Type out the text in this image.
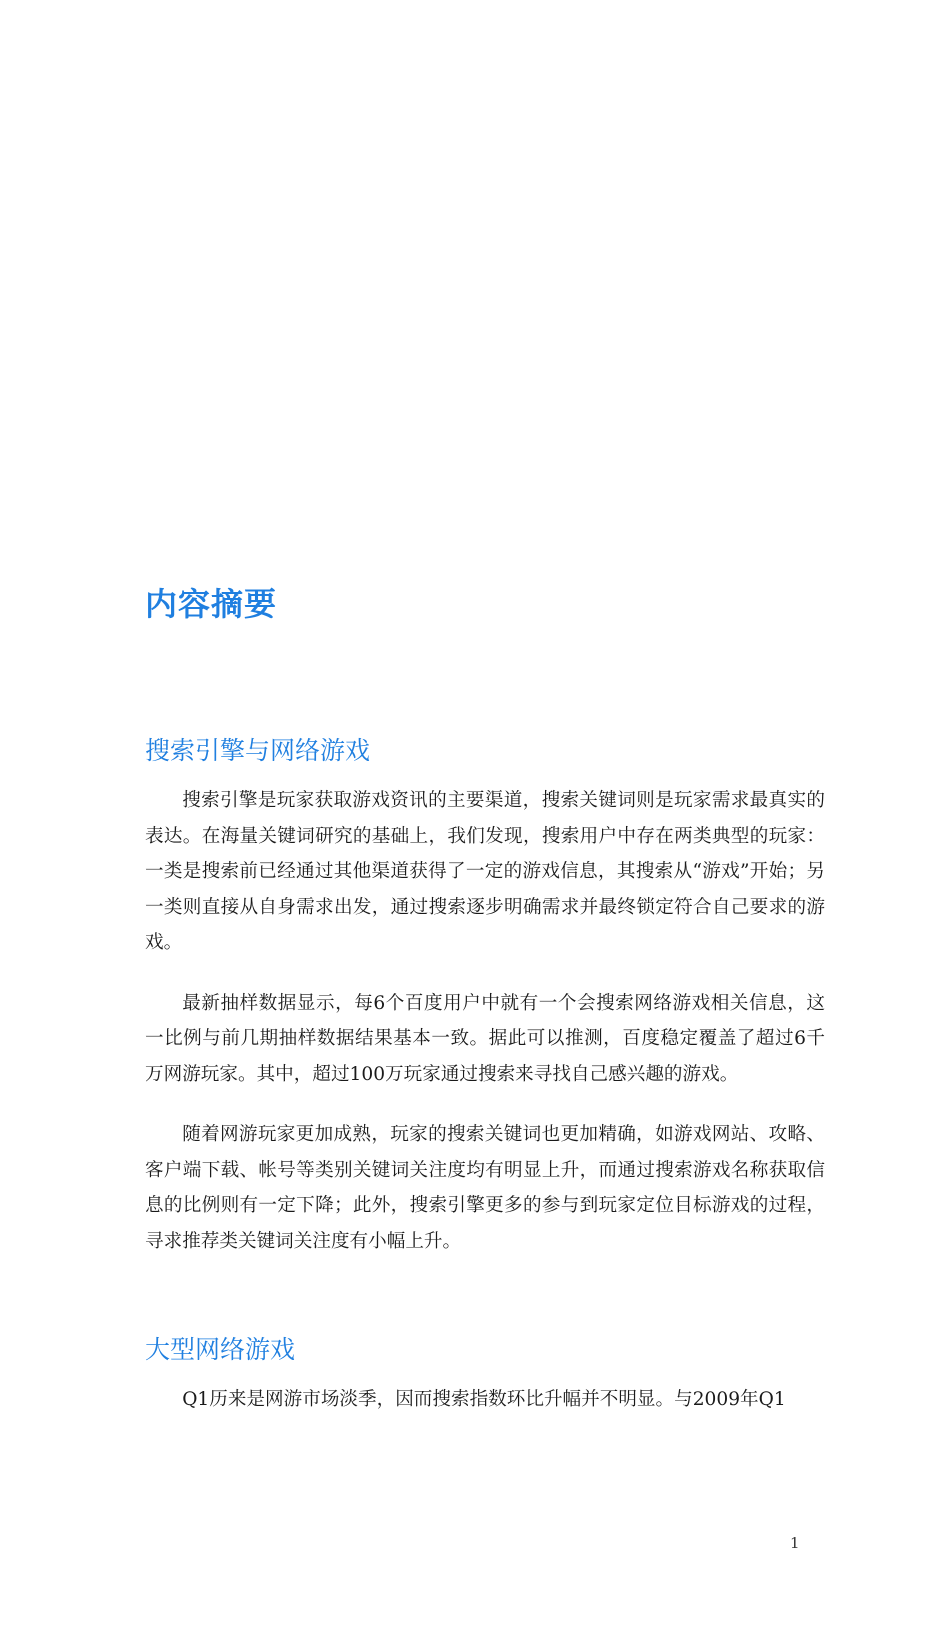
内容摘要
搜索引擎与网络游戏

搜索引擎是玩家获取游戏资讯的主要渠道，搜索关键词则是玩家需求最真实的表达。在海量关键词研究的基础上，我们发现，搜索用户中存在两类典型的玩家：一类是搜索前已经通过其他渠道获得了一定的游戏信息，其搜索从“游戏”开始；另一类则直接从自身需求出发，通过搜索逐步明确需求并最终锁定符合自己要求的游戏。

最新抽样数据显示，每6个百度用户中就有一个会搜索网络游戏相关信息，这一比例与前几期抽样数据结果基本一致。据此可以推测，百度稳定覆盖了超过6千万网游玩家。其中，超过100万玩家通过搜索来寻找自己感兴趣的游戏。

随着网游玩家更加成熟，玩家的搜索关键词也更加精确，如游戏网站、攻略、客户端下载、帐号等类别关键词关注度均有明显上升，而通过搜索游戏名称获取信息的比例则有一定下降；此外，搜索引擎更多的参与到玩家定位目标游戏的过程，寻求推荐类关键词关注度有小幅上升。

大型网络游戏

Q1历来是网游市场淡季，因而搜索指数环比升幅并不明显。与2009年Q1

1
